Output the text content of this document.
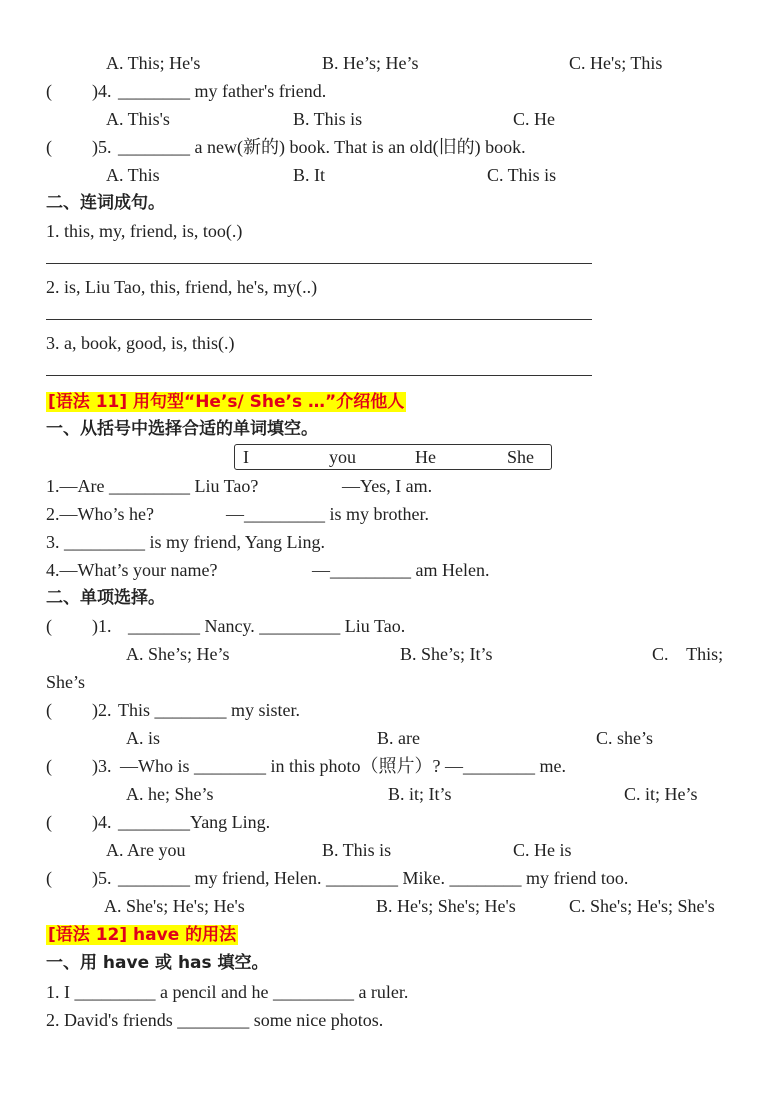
A. This; He's	B. He’s; He’s	C. He's; This
( )4. ________ my father's friend.
A. This's	B. This is	C. He
( )5. ________ a new(新的) book. That is an old(旧的) book.
A. This	B. It	C. This is
二、连词成句。
1. this, my, friend, is, too(.)
2. is, Liu Tao, this, friend, he's, my(..)
3. a, book, good, is, this(.)
[语法 11] 用句型“He’s/ She’s …”介绍他人
一、从括号中选择合适的单词填空。
I	you	He	She
1.—Are _________ Liu Tao?	—Yes, I am.
2.—Who’s he?	—_________ is my brother.
3. _________ is my friend, Yang Ling.
4.—What’s your name?	—_________ am Helen.
二、单项选择。
( )1. ________ Nancy. _________ Liu Tao.
A. She’s; He’s	B. She’s; It’s	C.    This;
She’s
( )2. This ________ my sister.
A. is	B. are	C. she’s
( )3. —Who is ________ in this photo（照片）? —________ me.
A. he; She’s	B. it; It’s	C. it; He’s
( )4. ________Yang Ling.
A. Are you	B. This is	C. He is
( )5. ________ my friend, Helen. ________ Mike. ________ my friend too.
A. She's; He's; He's	B. He's; She's; He's	C. She's; He's; She's
[语法 12] have 的用法
一、用 have 或 has 填空。
1. I _________ a pencil and he _________ a ruler.
2. David's friends ________ some nice photos.
